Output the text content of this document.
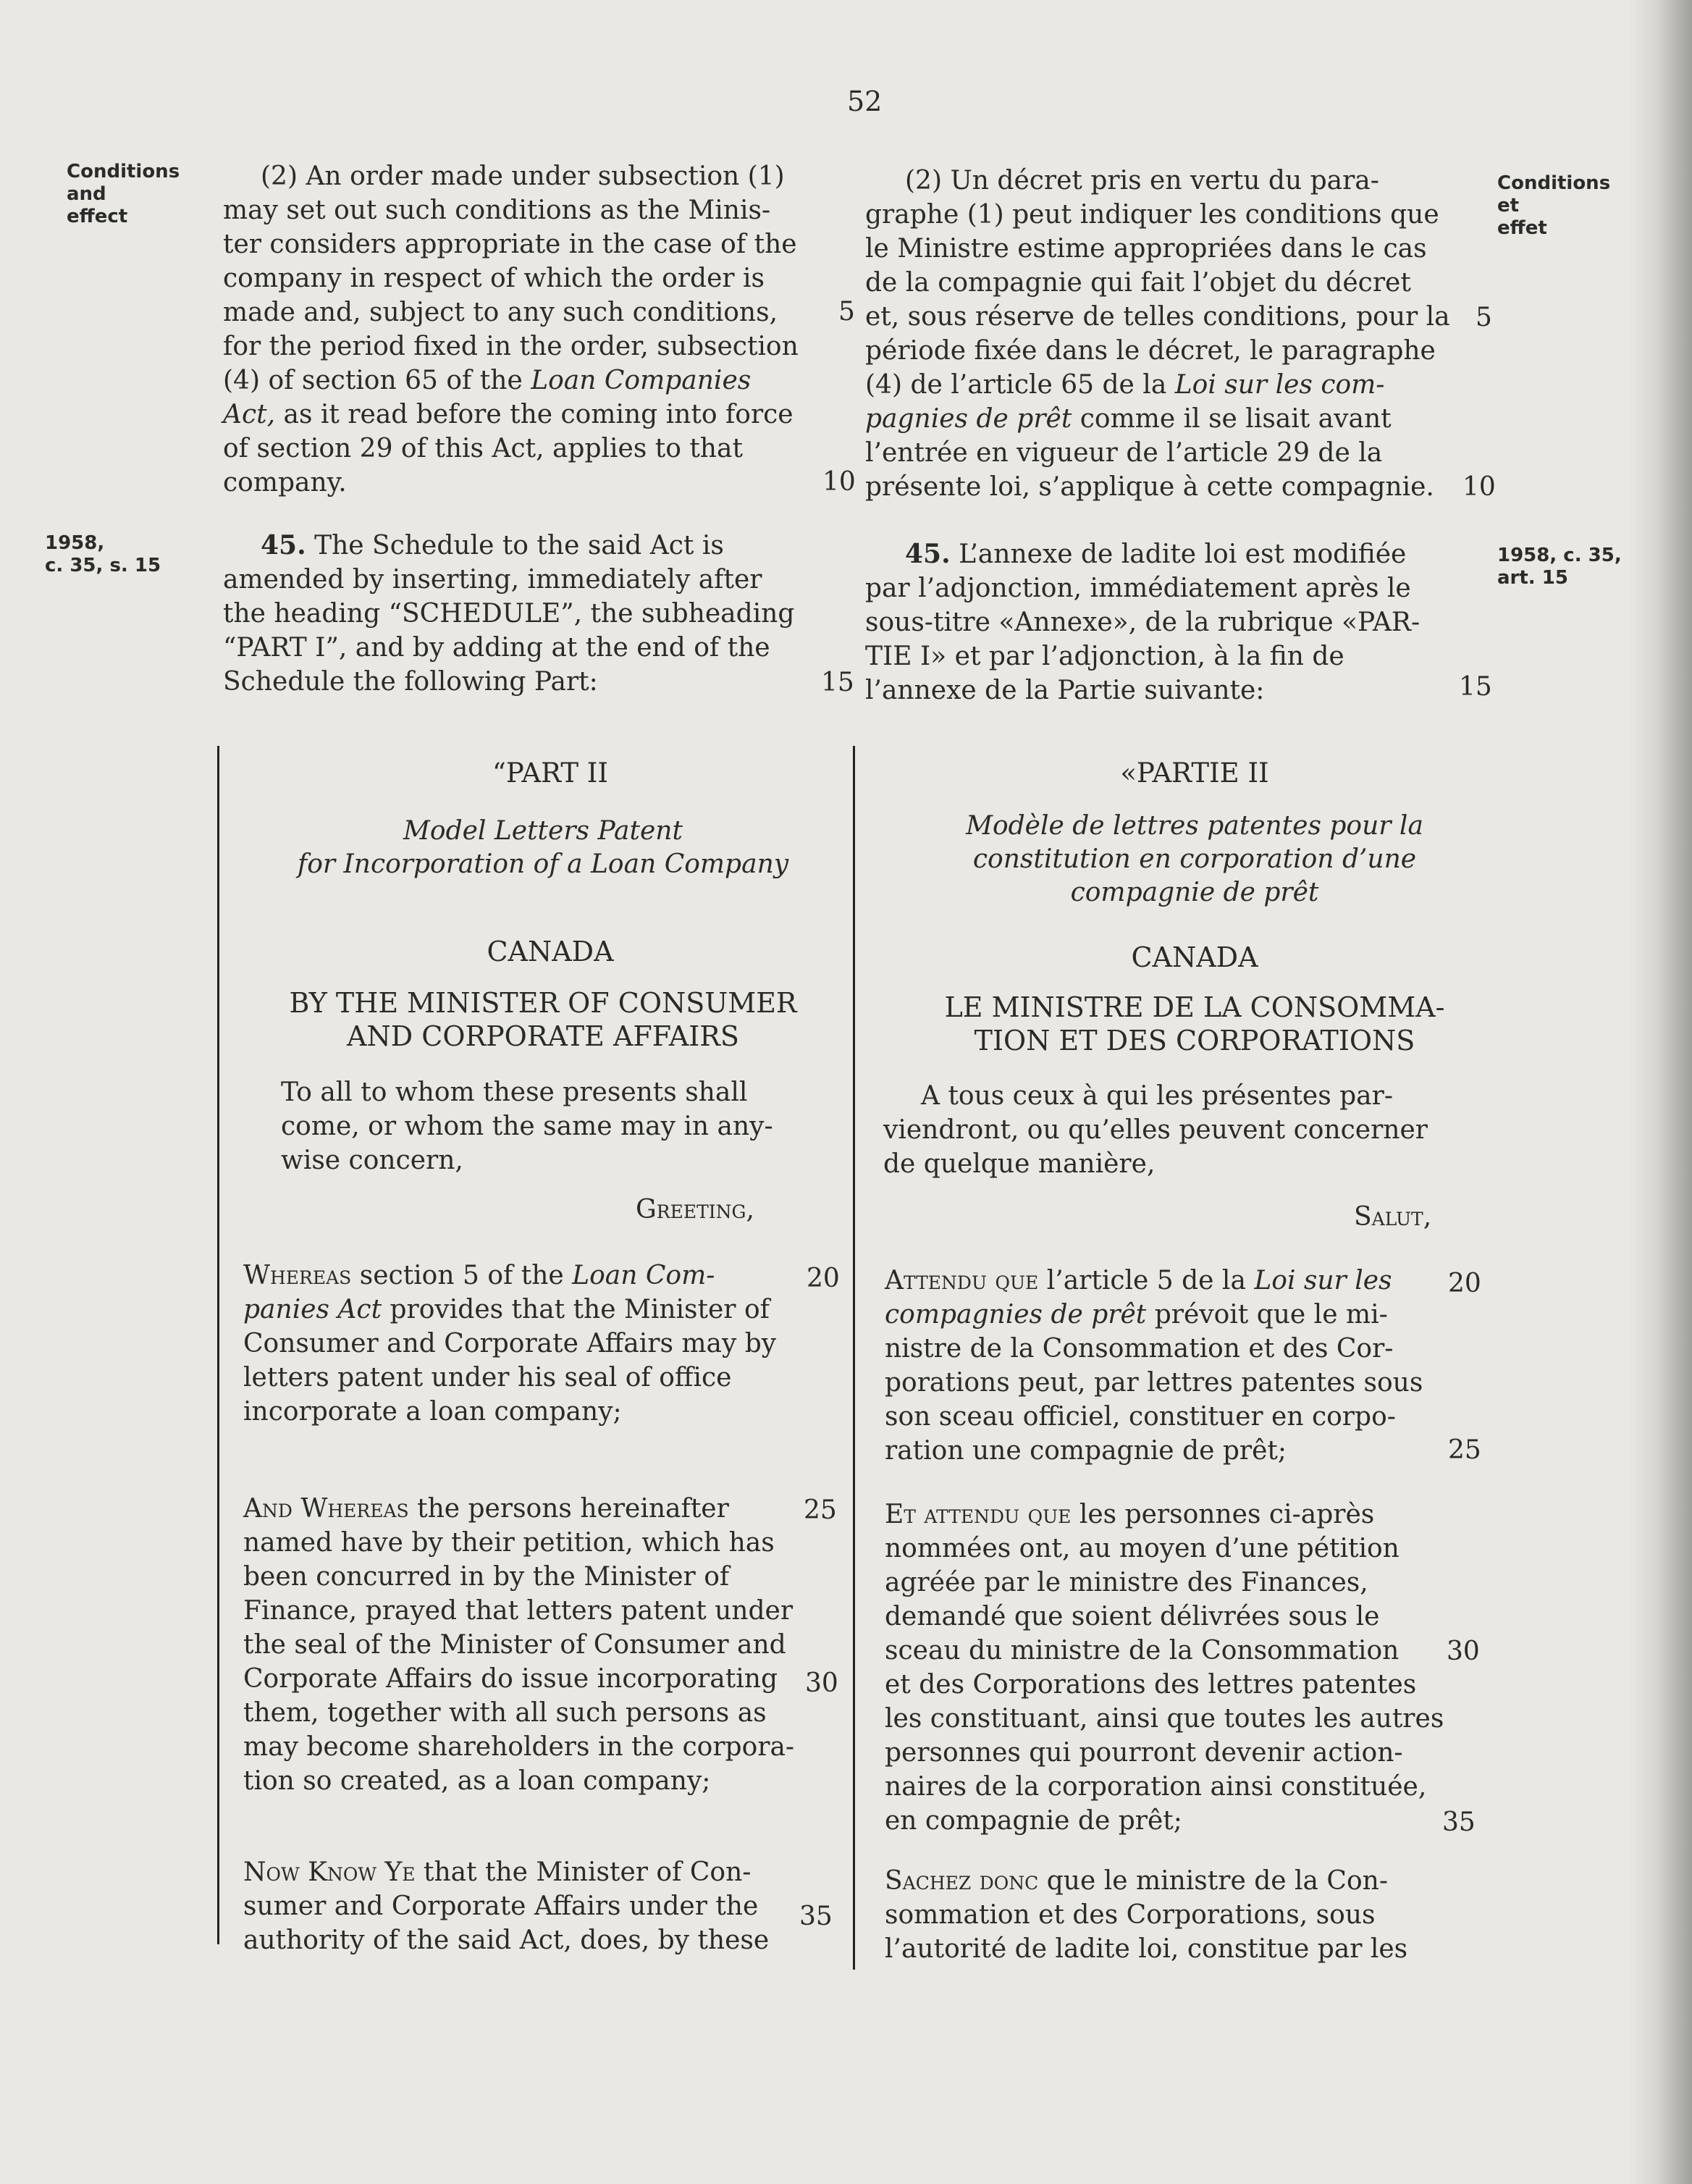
52
Conditions
and
effect
1958,
c. 35, s. 15
Conditions
et
effet
1958, c. 35,
art. 15
(2) An order made under subsection (1)
may set out such conditions as the Minis-
ter considers appropriate in the case of the
company in respect of which the order is
made and, subject to any such conditions,
for the period fixed in the order, subsection
(4) of section 65 of the Loan Companies
Act, as it read before the coming into force
of section 29 of this Act, applies to that
company.
45. The Schedule to the said Act is
amended by inserting, immediately after
the heading “SCHEDULE”, the subheading
“PART I”, and by adding at the end of the
Schedule the following Part:
(2) Un décret pris en vertu du para-
graphe (1) peut indiquer les conditions que
le Ministre estime appropriées dans le cas
de la compagnie qui fait l’objet du décret
et, sous réserve de telles conditions, pour la
période fixée dans le décret, le paragraphe
(4) de l’article 65 de la Loi sur les com-
pagnies de prêt comme il se lisait avant
l’entrée en vigueur de l’article 29 de la
présente loi, s’applique à cette compagnie.
45. L’annexe de ladite loi est modifiée
par l’adjonction, immédiatement après le
sous-titre «Annexe», de la rubrique «PAR-
TIE I» et par l’adjonction, à la fin de
l’annexe de la Partie suivante:
5
10
15
5
10
15
“PART II
Model Letters Patent
for Incorporation of a Loan Company
CANADA
BY THE MINISTER OF CONSUMER
AND CORPORATE AFFAIRS
To all to whom these presents shall
come, or whom the same may in any-
wise concern,
Greeting,
Whereas section 5 of the Loan Com-
panies Act provides that the Minister of
Consumer and Corporate Affairs may by
letters patent under his seal of office
incorporate a loan company;
And Whereas the persons hereinafter
named have by their petition, which has
been concurred in by the Minister of
Finance, prayed that letters patent under
the seal of the Minister of Consumer and
Corporate Affairs do issue incorporating
them, together with all such persons as
may become shareholders in the corpora-
tion so created, as a loan company;
Now Know Ye that the Minister of Con-
sumer and Corporate Affairs under the
authority of the said Act, does, by these
20
25
30
35
«PARTIE II
Modèle de lettres patentes pour la
constitution en corporation d’une
compagnie de prêt
CANADA
LE MINISTRE DE LA CONSOMMA-
TION ET DES CORPORATIONS
A tous ceux à qui les présentes par-
viendront, ou qu’elles peuvent concerner
de quelque manière,
Salut,
Attendu que l’article 5 de la Loi sur les
compagnies de prêt prévoit que le mi-
nistre de la Consommation et des Cor-
porations peut, par lettres patentes sous
son sceau officiel, constituer en corpo-
ration une compagnie de prêt;
Et attendu que les personnes ci-après
nommées ont, au moyen d’une pétition
agréée par le ministre des Finances,
demandé que soient délivrées sous le
sceau du ministre de la Consommation
et des Corporations des lettres patentes
les constituant, ainsi que toutes les autres
personnes qui pourront devenir action-
naires de la corporation ainsi constituée,
en compagnie de prêt;
Sachez donc que le ministre de la Con-
sommation et des Corporations, sous
l’autorité de ladite loi, constitue par les
20
25
30
35
